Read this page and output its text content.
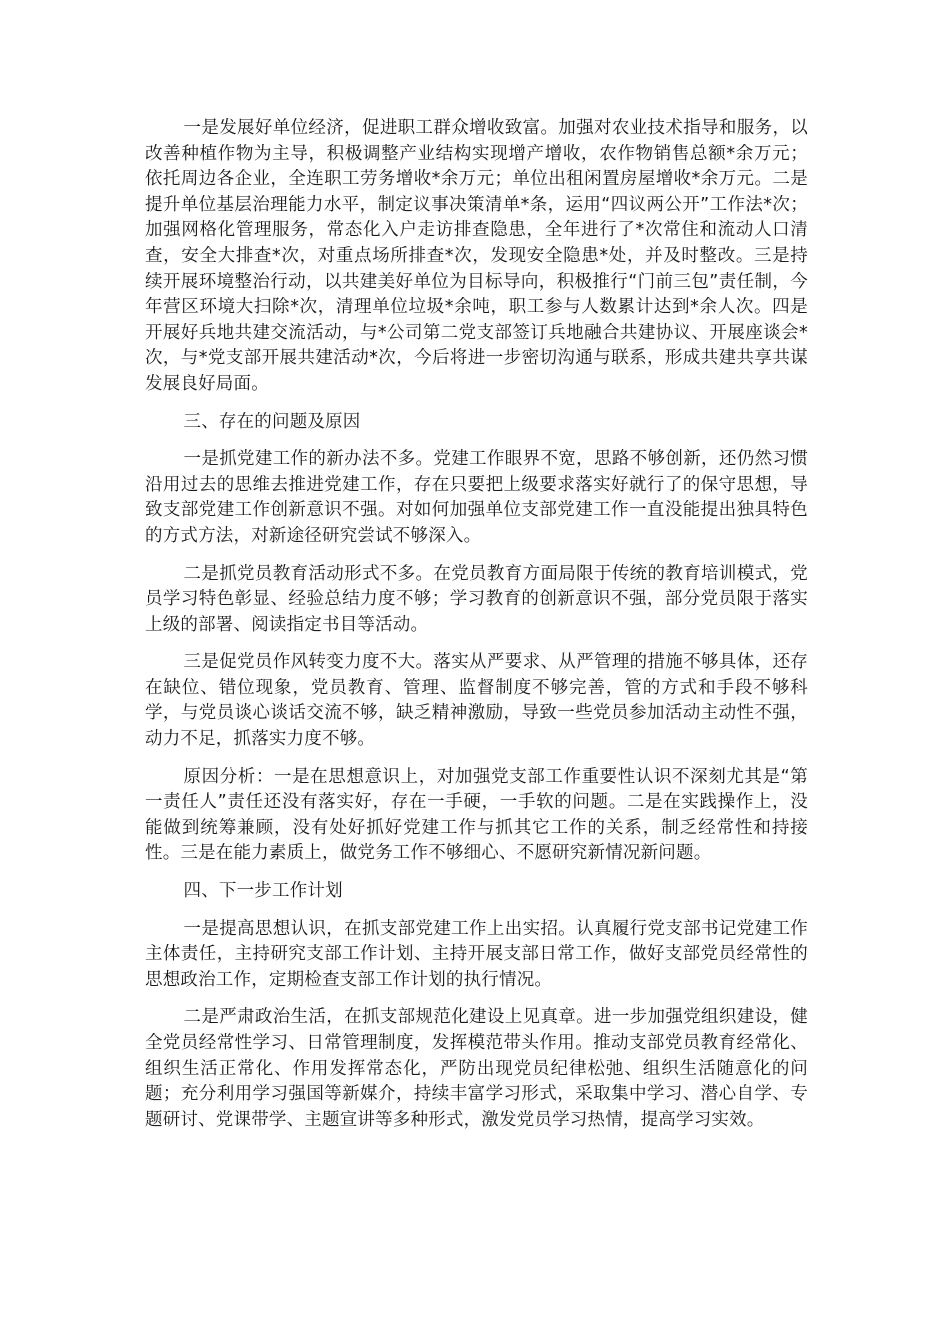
一是发展好单位经济，促进职工群众增收致富。加强对农业技术指导和服务，以改善种植作物为主导，积极调整产业结构实现增产增收，农作物销售总额*余万元；依托周边各企业，全连职工劳务增收*余万元；单位出租闲置房屋增收*余万元。二是提升单位基层治理能力水平，制定议事决策清单*条，运用“四议两公开”工作法*次；加强网格化管理服务，常态化入户走访排查隐患，全年进行了*次常住和流动人口清查，安全大排查*次，对重点场所排查*次，发现安全隐患*处，并及时整改。三是持续开展环境整治行动，以共建美好单位为目标导向，积极推行“门前三包”责任制，今年营区环境大扫除*次，清理单位垃圾*余吨，职工参与人数累计达到*余人次。四是开展好兵地共建交流活动，与*公司第二党支部签订兵地融合共建协议、开展座谈会*次，与*党支部开展共建活动*次，今后将进一步密切沟通与联系，形成共建共享共谋发展良好局面。

三、存在的问题及原因

一是抓党建工作的新办法不多。党建工作眼界不宽，思路不够创新，还仍然习惯沿用过去的思维去推进党建工作，存在只要把上级要求落实好就行了的保守思想，导致支部党建工作创新意识不强。对如何加强单位支部党建工作一直没能提出独具特色的方式方法，对新途径研究尝试不够深入。

二是抓党员教育活动形式不多。在党员教育方面局限于传统的教育培训模式，党员学习特色彰显、经验总结力度不够；学习教育的创新意识不强，部分党员限于落实上级的部署、阅读指定书目等活动。

三是促党员作风转变力度不大。落实从严要求、从严管理的措施不够具体，还存在缺位、错位现象，党员教育、管理、监督制度不够完善，管的方式和手段不够科学，与党员谈心谈话交流不够，缺乏精神激励，导致一些党员参加活动主动性不强，动力不足，抓落实力度不够。

原因分析：一是在思想意识上，对加强党支部工作重要性认识不深刻尤其是“第一责任人”责任还没有落实好，存在一手硬，一手软的问题。二是在实践操作上，没能做到统筹兼顾，没有处好抓好党建工作与抓其它工作的关系，制乏经常性和持接性。三是在能力素质上，做党务工作不够细心、不愿研究新情况新问题。

四、下一步工作计划

一是提高思想认识，在抓支部党建工作上出实招。认真履行党支部书记党建工作主体责任，主持研究支部工作计划、主持开展支部日常工作，做好支部党员经常性的思想政治工作，定期检查支部工作计划的执行情况。

二是严肃政治生活，在抓支部规范化建设上见真章。进一步加强党组织建设，健全党员经常性学习、日常管理制度，发挥模范带头作用。推动支部党员教育经常化、组织生活正常化、作用发挥常态化，严防出现党员纪律松弛、组织生活随意化的问题；充分利用学习强国等新媒介，持续丰富学习形式，采取集中学习、潜心自学、专题研讨、党课带学、主题宣讲等多种形式，激发党员学习热情，提高学习实效。
